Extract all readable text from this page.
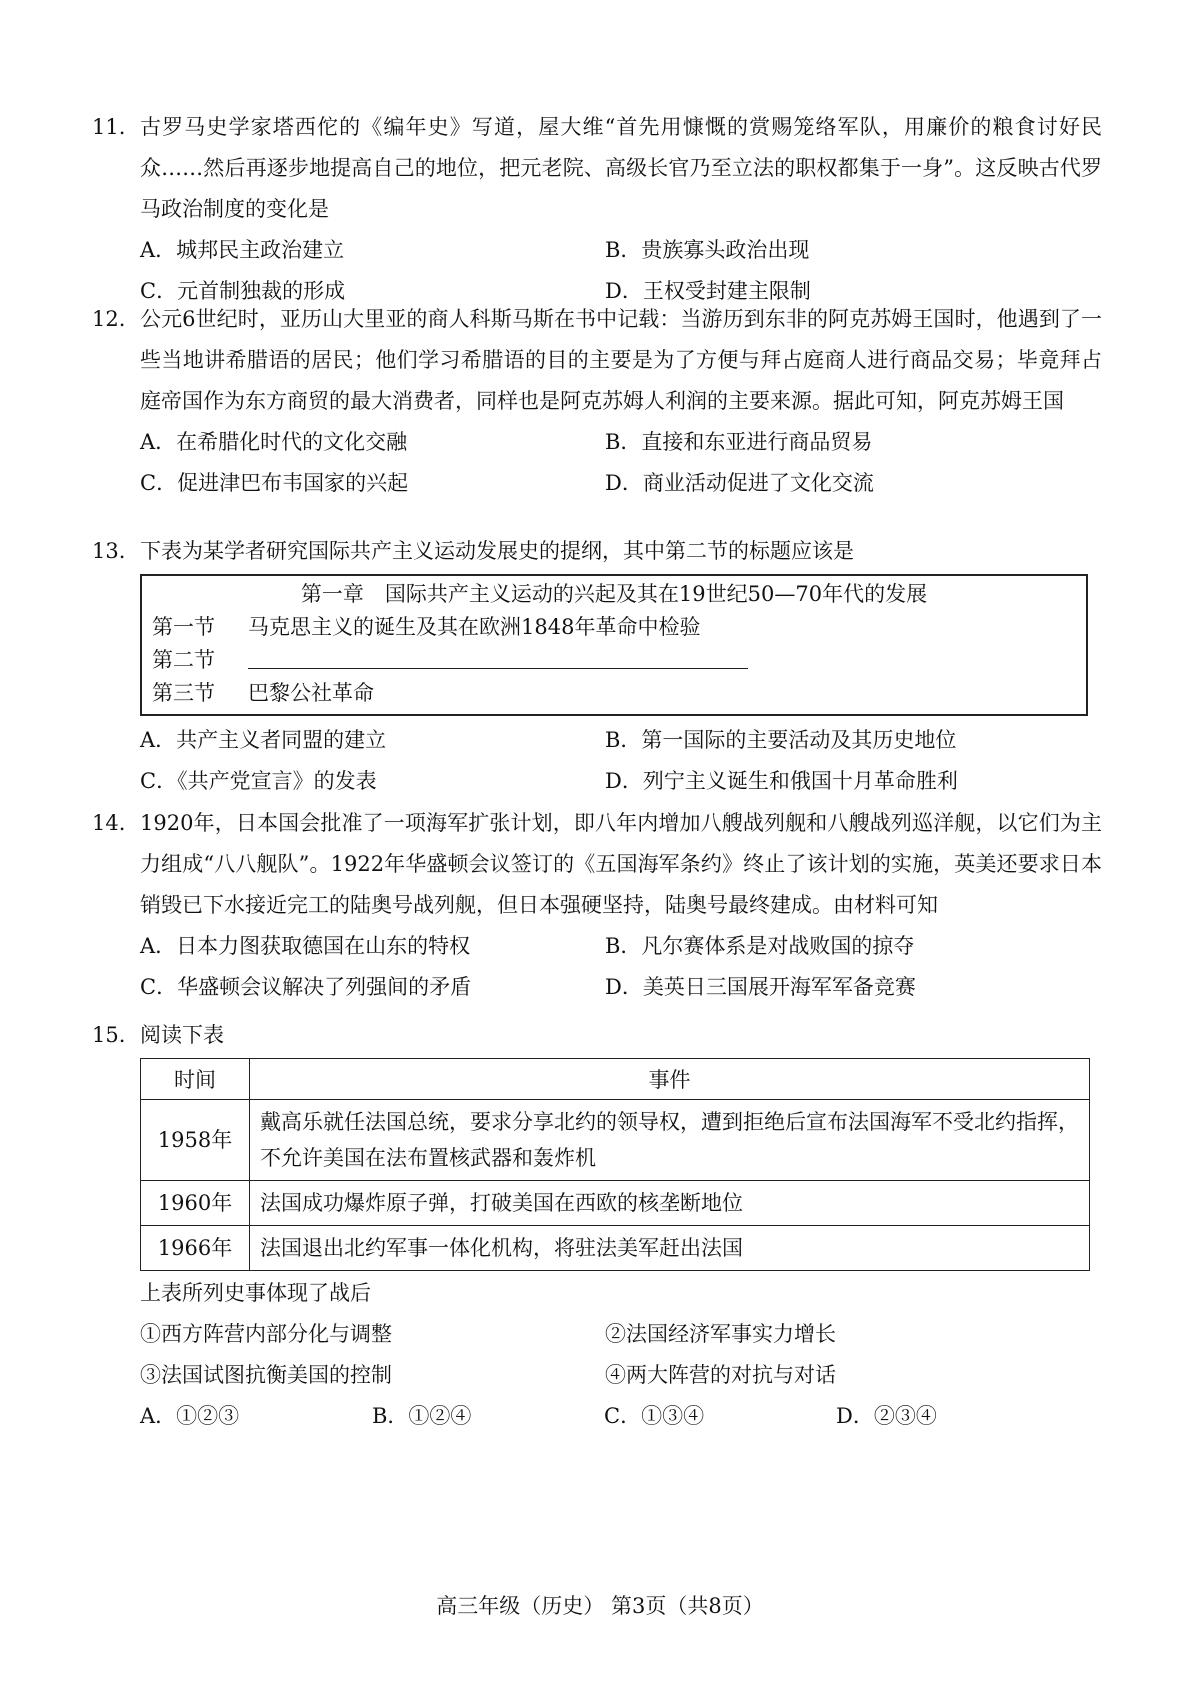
11. 古罗马史学家塔西佗的《编年史》写道，屋大维“首先用慷慨的赏赐笼络军队，用廉价的粮食讨好民众……然后再逐步地提高自己的地位，把元老院、高级长官乃至立法的职权都集于一身”。这反映古代罗马政治制度的变化是
A．城邦民主政治建立	B．贵族寡头政治出现
C．元首制独裁的形成	D．王权受封建主限制
12. 公元6世纪时，亚历山大里亚的商人科斯马斯在书中记载：当游历到东非的阿克苏姆王国时，他遇到了一些当地讲希腊语的居民；他们学习希腊语的目的主要是为了方便与拜占庭商人进行商品交易；毕竟拜占庭帝国作为东方商贸的最大消费者，同样也是阿克苏姆人利润的主要来源。据此可知，阿克苏姆王国
A．在希腊化时代的文化交融	B．直接和东亚进行商品贸易
C．促进津巴布韦国家的兴起	D．商业活动促进了文化交流
13. 下表为某学者研究国际共产主义运动发展史的提纲，其中第二节的标题应该是
第一章　国际共产主义运动的兴起及其在19世纪50—70年代的发展
第一节	马克思主义的诞生及其在欧洲1848年革命中检验
第二节
第三节	巴黎公社革命
A．共产主义者同盟的建立	B．第一国际的主要活动及其历史地位
C．《共产党宣言》的发表	D．列宁主义诞生和俄国十月革命胜利
14. 1920年，日本国会批准了一项海军扩张计划，即八年内增加八艘战列舰和八艘战列巡洋舰，以它们为主力组成“八八舰队”。1922年华盛顿会议签订的《五国海军条约》终止了该计划的实施，英美还要求日本销毁已下水接近完工的陆奥号战列舰，但日本强硬坚持，陆奥号最终建成。由材料可知
A．日本力图获取德国在山东的特权	B．凡尔赛体系是对战败国的掠夺
C．华盛顿会议解决了列强间的矛盾	D．美英日三国展开海军军备竞赛
15. 阅读下表
时间	事件
1958年	戴高乐就任法国总统，要求分享北约的领导权，遭到拒绝后宣布法国海军不受北约指挥，不允许美国在法布置核武器和轰炸机
1960年	法国成功爆炸原子弹，打破美国在西欧的核垄断地位
1966年	法国退出北约军事一体化机构，将驻法美军赶出法国
上表所列史事体现了战后
①西方阵营内部分化与调整	②法国经济军事实力增长
③法国试图抗衡美国的控制	④两大阵营的对抗与对话
A．①②③	B．①②④	C．①③④	D．②③④
高三年级（历史） 第3页（共8页）
